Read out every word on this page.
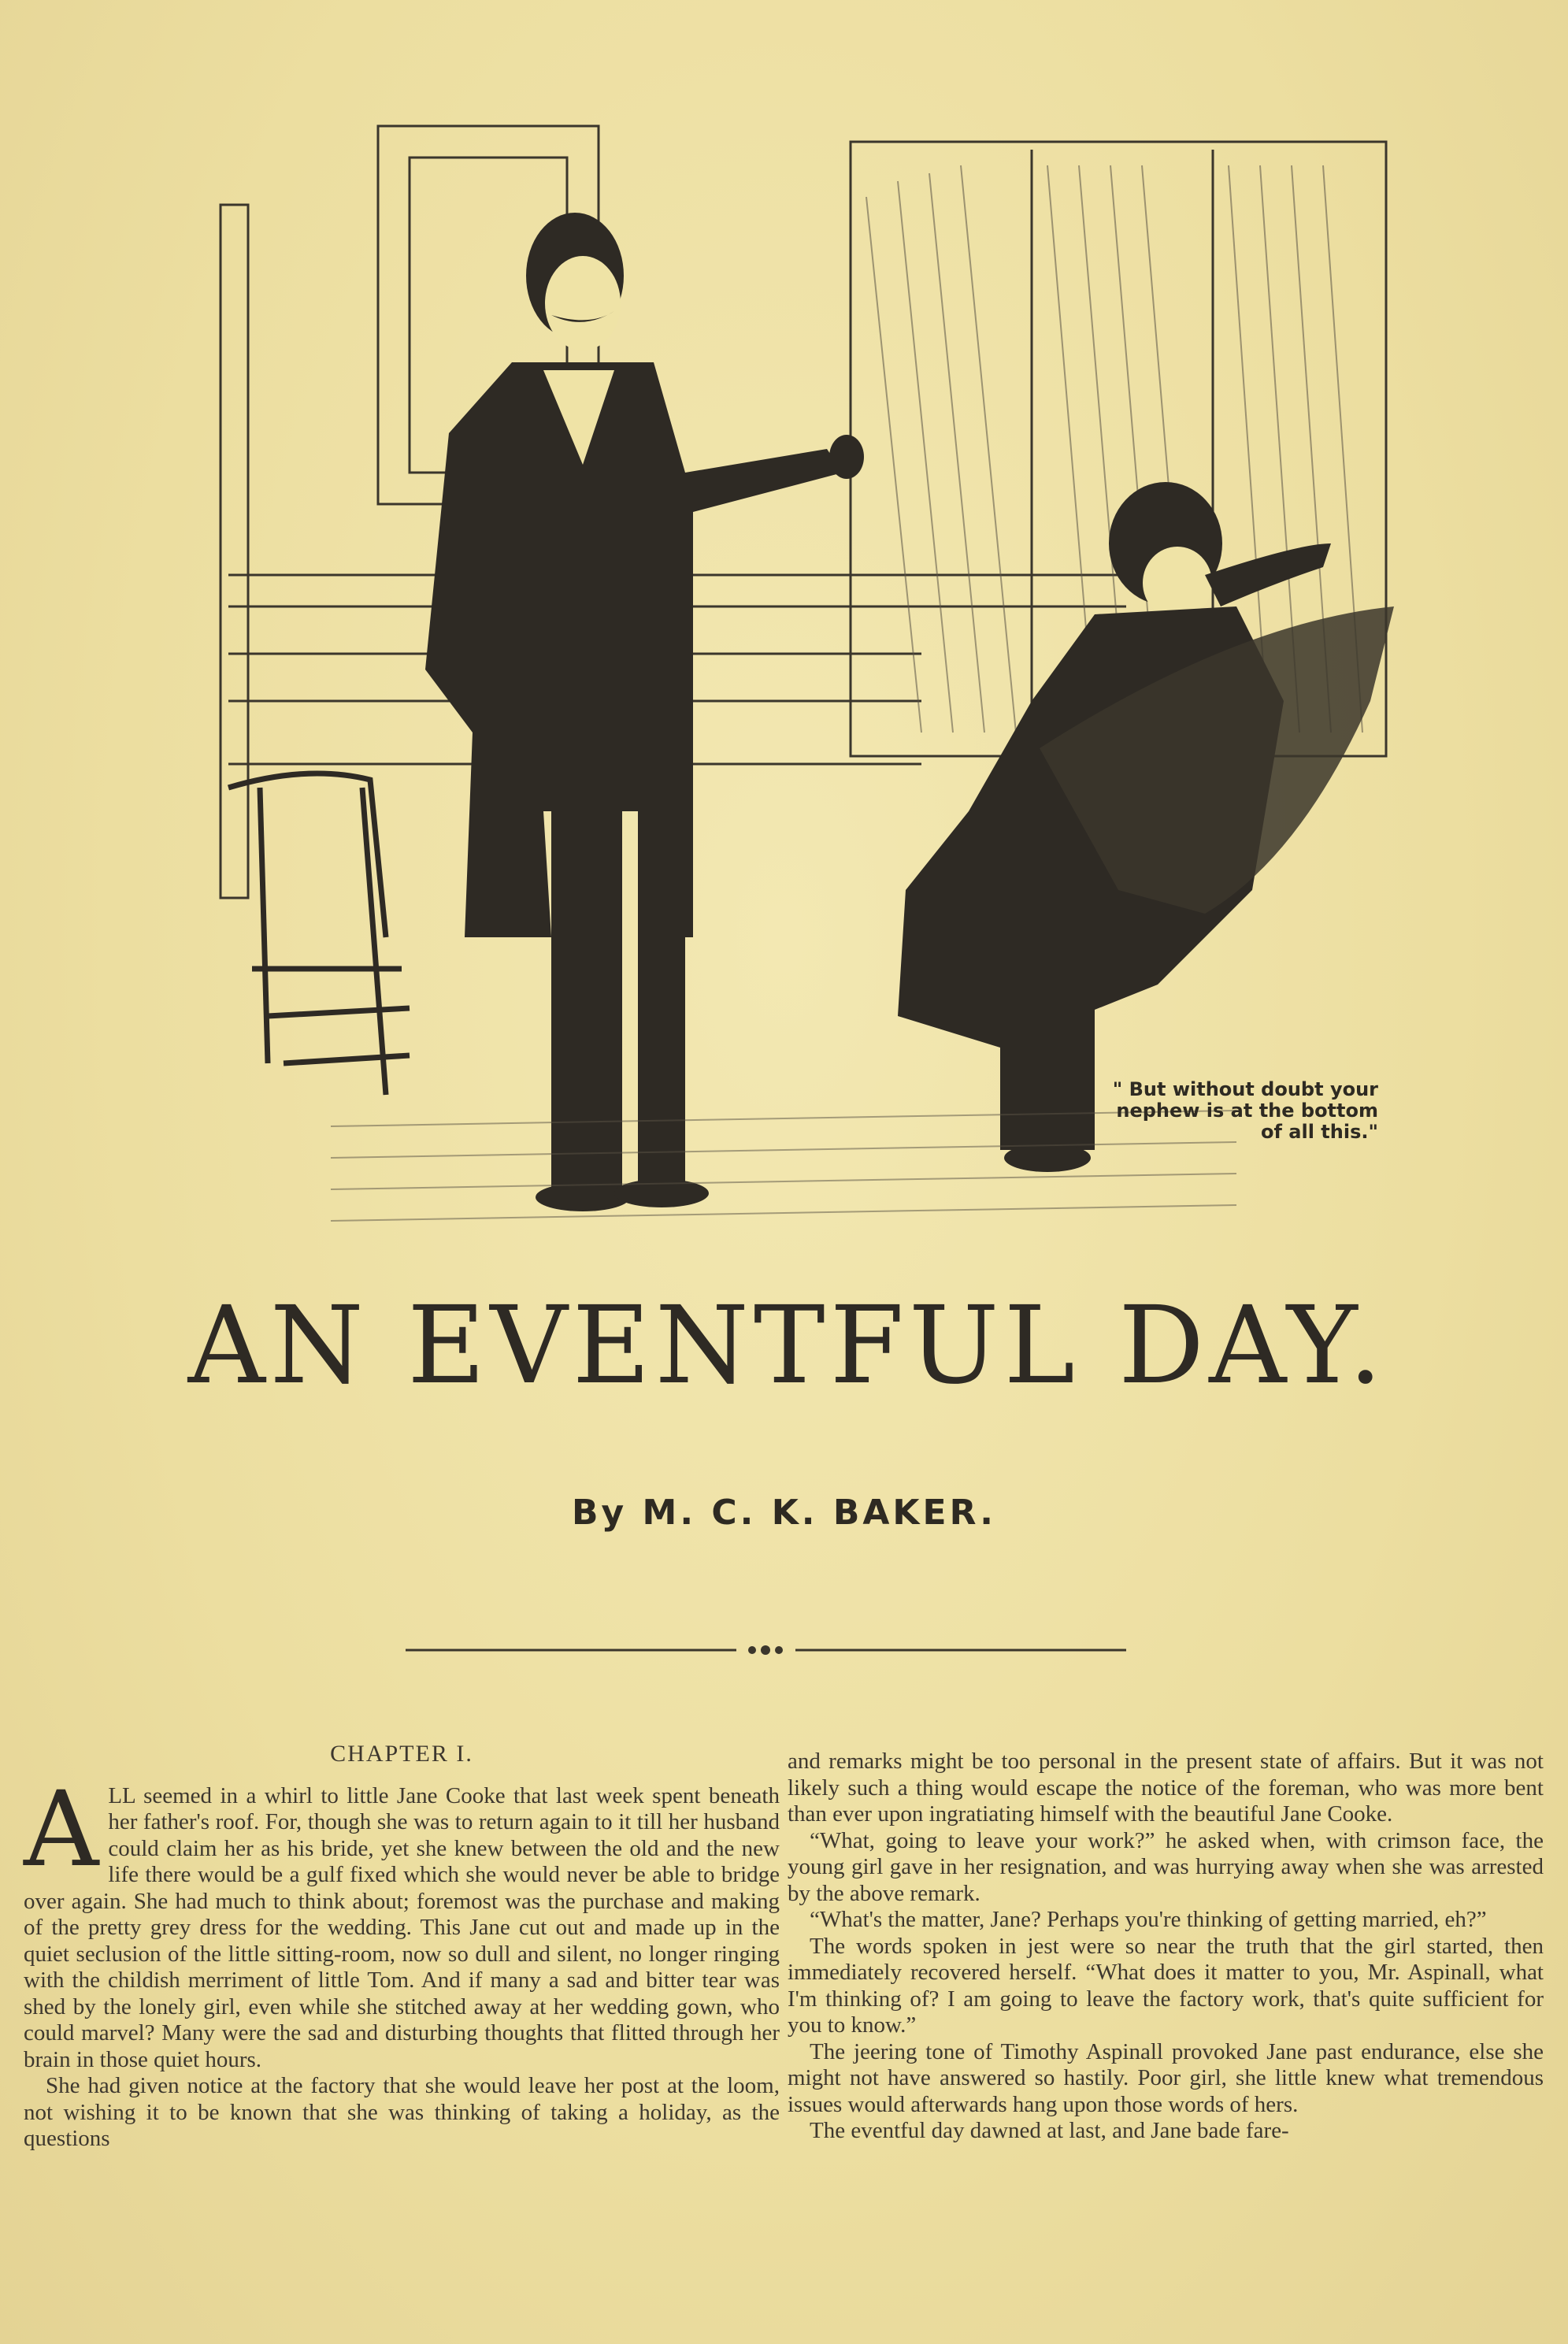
" But without doubt your
nephew is at the bottom
of all this."
AN EVENTFUL DAY.
By M. C. K. BAKER.
CHAPTER I.

ALL seemed in a whirl to little Jane Cooke that last week spent beneath her father's roof. For, though she was to return again to it till her husband could claim her as his bride, yet she knew between the old and the new life there would be a gulf fixed which she would never be able to bridge over again. She had much to think about; foremost was the purchase and making of the pretty grey dress for the wedding. This Jane cut out and made up in the quiet seclusion of the little sitting-room, now so dull and silent, no longer ringing with the childish merriment of little Tom. And if many a sad and bitter tear was shed by the lonely girl, even while she stitched away at her wedding gown, who could marvel? Many were the sad and disturbing thoughts that flitted through her brain in those quiet hours.

She had given notice at the factory that she would leave her post at the loom, not wishing it to be known that she was thinking of taking a holiday, as the questions

and remarks might be too personal in the present state of affairs. But it was not likely such a thing would escape the notice of the foreman, who was more bent than ever upon ingratiating himself with the beautiful Jane Cooke.

“What, going to leave your work?” he asked when, with crimson face, the young girl gave in her resignation, and was hurrying away when she was arrested by the above remark.

“What's the matter, Jane? Perhaps you're thinking of getting married, eh?”

The words spoken in jest were so near the truth that the girl started, then immediately recovered herself. “What does it matter to you, Mr. Aspinall, what I'm thinking of? I am going to leave the factory work, that's quite sufficient for you to know.”

The jeering tone of Timothy Aspinall provoked Jane past endurance, else she might not have answered so hastily. Poor girl, she little knew what tremendous issues would afterwards hang upon those words of hers.

The eventful day dawned at last, and Jane bade fare-
